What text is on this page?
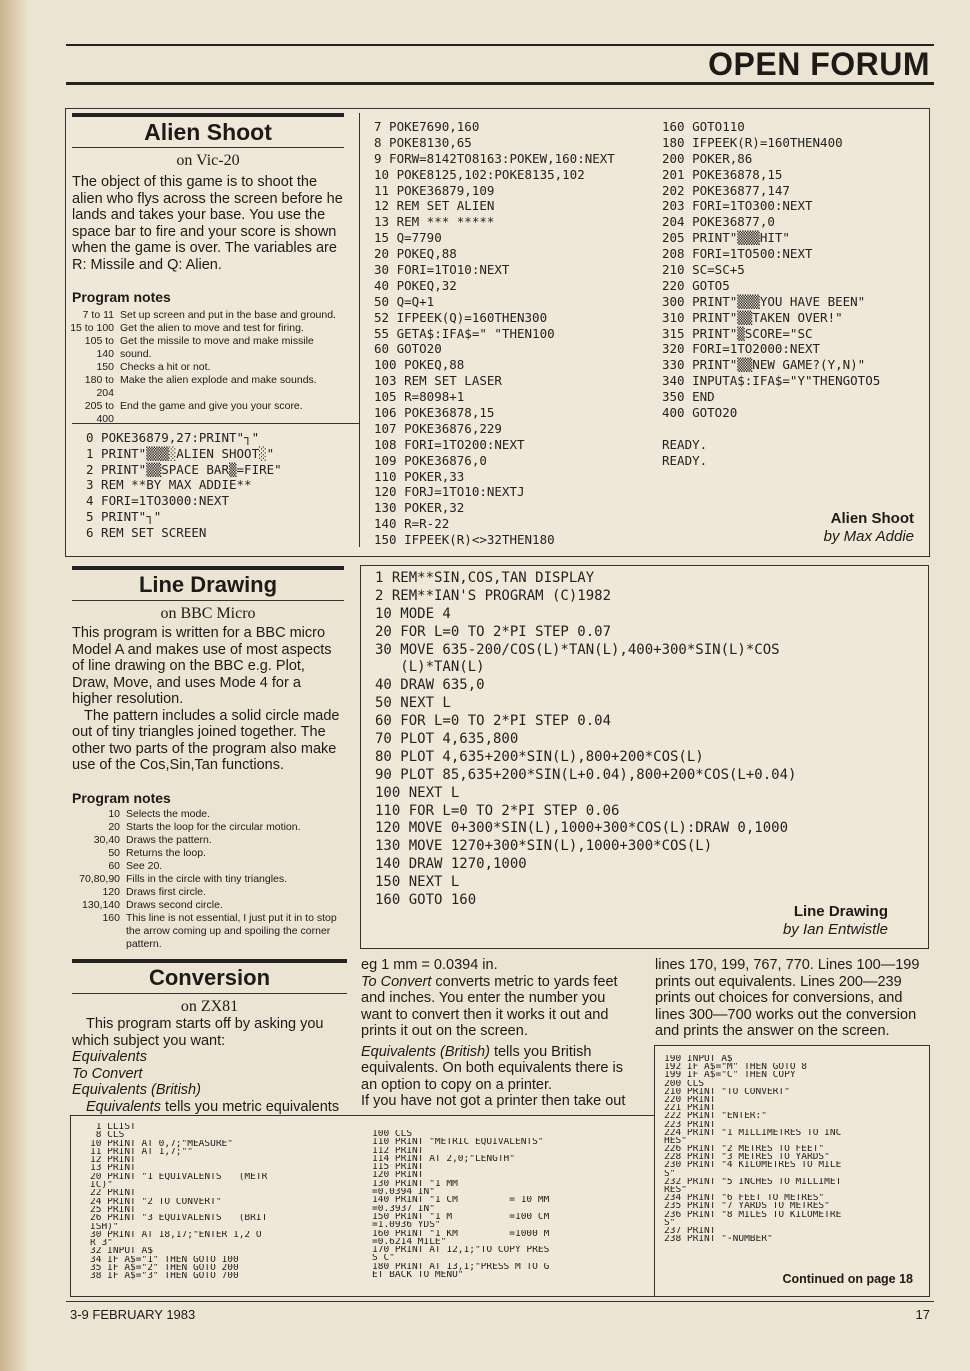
OPEN FORUM
Alien Shoot
on Vic-20

The object of this game is to shoot the alien who flys across the screen before he lands and takes your base. You use the space bar to fire and your score is shown when the game is over. The variables are R: Missile and Q: Alien.

Program notes

7 to 11 Set up screen and put in the base and ground.
15 to 100 Get the alien to move and test for firing.
105 to 140
Get the missile to move and make missile sound.
150 Checks a hit or not.
180 to 204
Make the alien explode and make sounds.
205 to 400
End the game and give you your score.
0 POKE36879,27:PRINT"┐"
1 PRINT"▒▒▒░ALIEN SHOOT░"
2 PRINT"▒▒SPACE BAR▒=FIRE"
3 REM **BY MAX ADDIE**
4 FORI=1TO3000:NEXT
5 PRINT"┐"
6 REM SET SCREEN
7 POKE7690,160
8 POKE8130,65
9 FORW=8142TO8163:POKEW,160:NEXT
10 POKE8125,102:POKE8135,102
11 POKE36879,109
12 REM SET ALIEN
13 REM *** *****
15 Q=7790
20 POKEQ,88
30 FORI=1TO10:NEXT
40 POKEQ,32
50 Q=Q+1
52 IFPEEK(Q)=160THEN300
55 GETA$:IFA$=" "THEN100
60 GOTO20
100 POKEQ,88
103 REM SET LASER
105 R=8098+1
106 POKE36878,15
107 POKE36876,229
108 FORI=1TO200:NEXT
109 POKE36876,0
110 POKER,33
120 FORJ=1TO10:NEXTJ
130 POKER,32
140 R=R-22
150 IFPEEK(R)<>32THEN180
160 GOTO110
180 IFPEEK(R)=160THEN400
200 POKER,86
201 POKE36878,15
202 POKE36877,147
203 FORI=1TO300:NEXT
204 POKE36877,0
205 PRINT"▒▒▒HIT"
208 FORI=1TO500:NEXT
210 SC=SC+5
220 GOTO5
300 PRINT"▒▒▒YOU HAVE BEEN"
310 PRINT"▒▒TAKEN OVER!"
315 PRINT"▒SCORE="SC
320 FORI=1TO2000:NEXT
330 PRINT"▒▒NEW GAME?(Y,N)"
340 INPUTA$:IFA$="Y"THENGOTO5
350 END
400 GOTO20
READY.
READY.
Alien Shoot
by Max Addie
Line Drawing
on BBC Micro

This program is written for a BBC micro Model A and makes use of most aspects of line drawing on the BBC e.g. Plot, Draw, Move, and uses Mode 4 for a higher resolution.

The pattern includes a solid circle made out of tiny triangles joined together. The other two parts of the program also make use of the Cos,Sin,Tan functions.

Program notes

10 Selects the mode.
20 Starts the loop for the circular motion.
30,40 Draws the pattern.
50 Returns the loop.
60 See 20.
70,80,90 Fills in the circle with tiny triangles.
120 Draws first circle.
130,140 Draws second circle.
160 This line is not essential, I just put it in to stop the arrow coming up and spoiling the corner pattern.
1 REM**SIN,COS,TAN DISPLAY
2 REM**IAN'S PROGRAM (C)1982
10 MODE 4
20 FOR L=0 TO 2*PI STEP 0.07
30 MOVE 635-200/COS(L)*TAN(L),400+300*SIN(L)*COS
(L)*TAN(L)
40 DRAW 635,0
50 NEXT L
60 FOR L=0 TO 2*PI STEP 0.04
70 PLOT 4,635,800
80 PLOT 4,635+200*SIN(L),800+200*COS(L)
90 PLOT 85,635+200*SIN(L+0.04),800+200*COS(L+0.04)
100 NEXT L
110 FOR L=0 TO 2*PI STEP 0.06
120 MOVE 0+300*SIN(L),1000+300*COS(L):DRAW 0,1000
130 MOVE 1270+300*SIN(L),1000+300*COS(L)
140 DRAW 1270,1000
150 NEXT L
160 GOTO 160
Line Drawing
by Ian Entwistle
Conversion
on ZX81

This program starts off by asking you which subject you want:

Equivalents
To Convert
Equivalents (British)
Equivalents tells you metric equivalents

eg 1 mm = 0.0394 in.

To Convert converts metric to yards feet and inches. You enter the number you want to convert then it works it out and prints it out on the screen.

Equivalents (British) tells you British equivalents. On both equivalents there is an option to copy on a printer.

If you have not got a printer then take out

lines 170, 199, 767, 770. Lines 100—199 prints out equivalents. Lines 200—239 prints out choices for conversions, and lines 300—700 works out the conversion and prints the answer on the screen.

1 LLIST
8 CLS
10 PRINT AT 0,7;"MEASURE"
11 PRINT AT 1,7;""
12 PRINT
13 PRINT
20 PRINT "1 EQUIVALENTS   (METR
IC)"
22 PRINT
24 PRINT "2 TO CONVERT"
25 PRINT
26 PRINT "3 EQUIVALENTS   (BRIT
ISH)"
30 PRINT AT 18,17;"ENTER 1,2 O
R 3"
32 INPUT A$
34 IF A$="1" THEN GOTO 100
35 IF A$="2" THEN GOTO 200
38 IF A$="3" THEN GOTO 700
100 CLS
110 PRINT "METRIC EQUIVALENTS"
112 PRINT
114 PRINT AT 2,0;"LENGTH"
115 PRINT
120 PRINT
130 PRINT "1 MM
=0.0394 IN"
140 PRINT "1 CM         = 10 MM
=0.3937 IN"
150 PRINT "1 M          =100 CM
=1.0936 YDS"
160 PRINT "1 KM         =1000 M
=0.6214 MILE"
170 PRINT AT 12,1;"TO COPY PRES
S C"
180 PRINT AT 13,1;"PRESS M TO G
ET BACK TO MENU"
190 INPUT A$
192 IF A$="M" THEN GOTO 8
199 IF A$="C" THEN COPY
200 CLS
210 PRINT "TO CONVERT"
220 PRINT
221 PRINT
222 PRINT "ENTER:"
223 PRINT
224 PRINT "1 MILLIMETRES TO INC
HES"
226 PRINT "2 METRES TO FEET"
228 PRINT "3 METRES TO YARDS"
230 PRINT "4 KILOMETRES TO MILE
S"
232 PRINT "5 INCHES TO MILLIMET
RES"
234 PRINT "6 FEET TO METRES"
235 PRINT "7 YARDS TO METRES"
236 PRINT "8 MILES TO KILOMETRE
S"
237 PRINT
238 PRINT "-NUMBER"
Continued on page 18
3-9 FEBRUARY 1983	17
